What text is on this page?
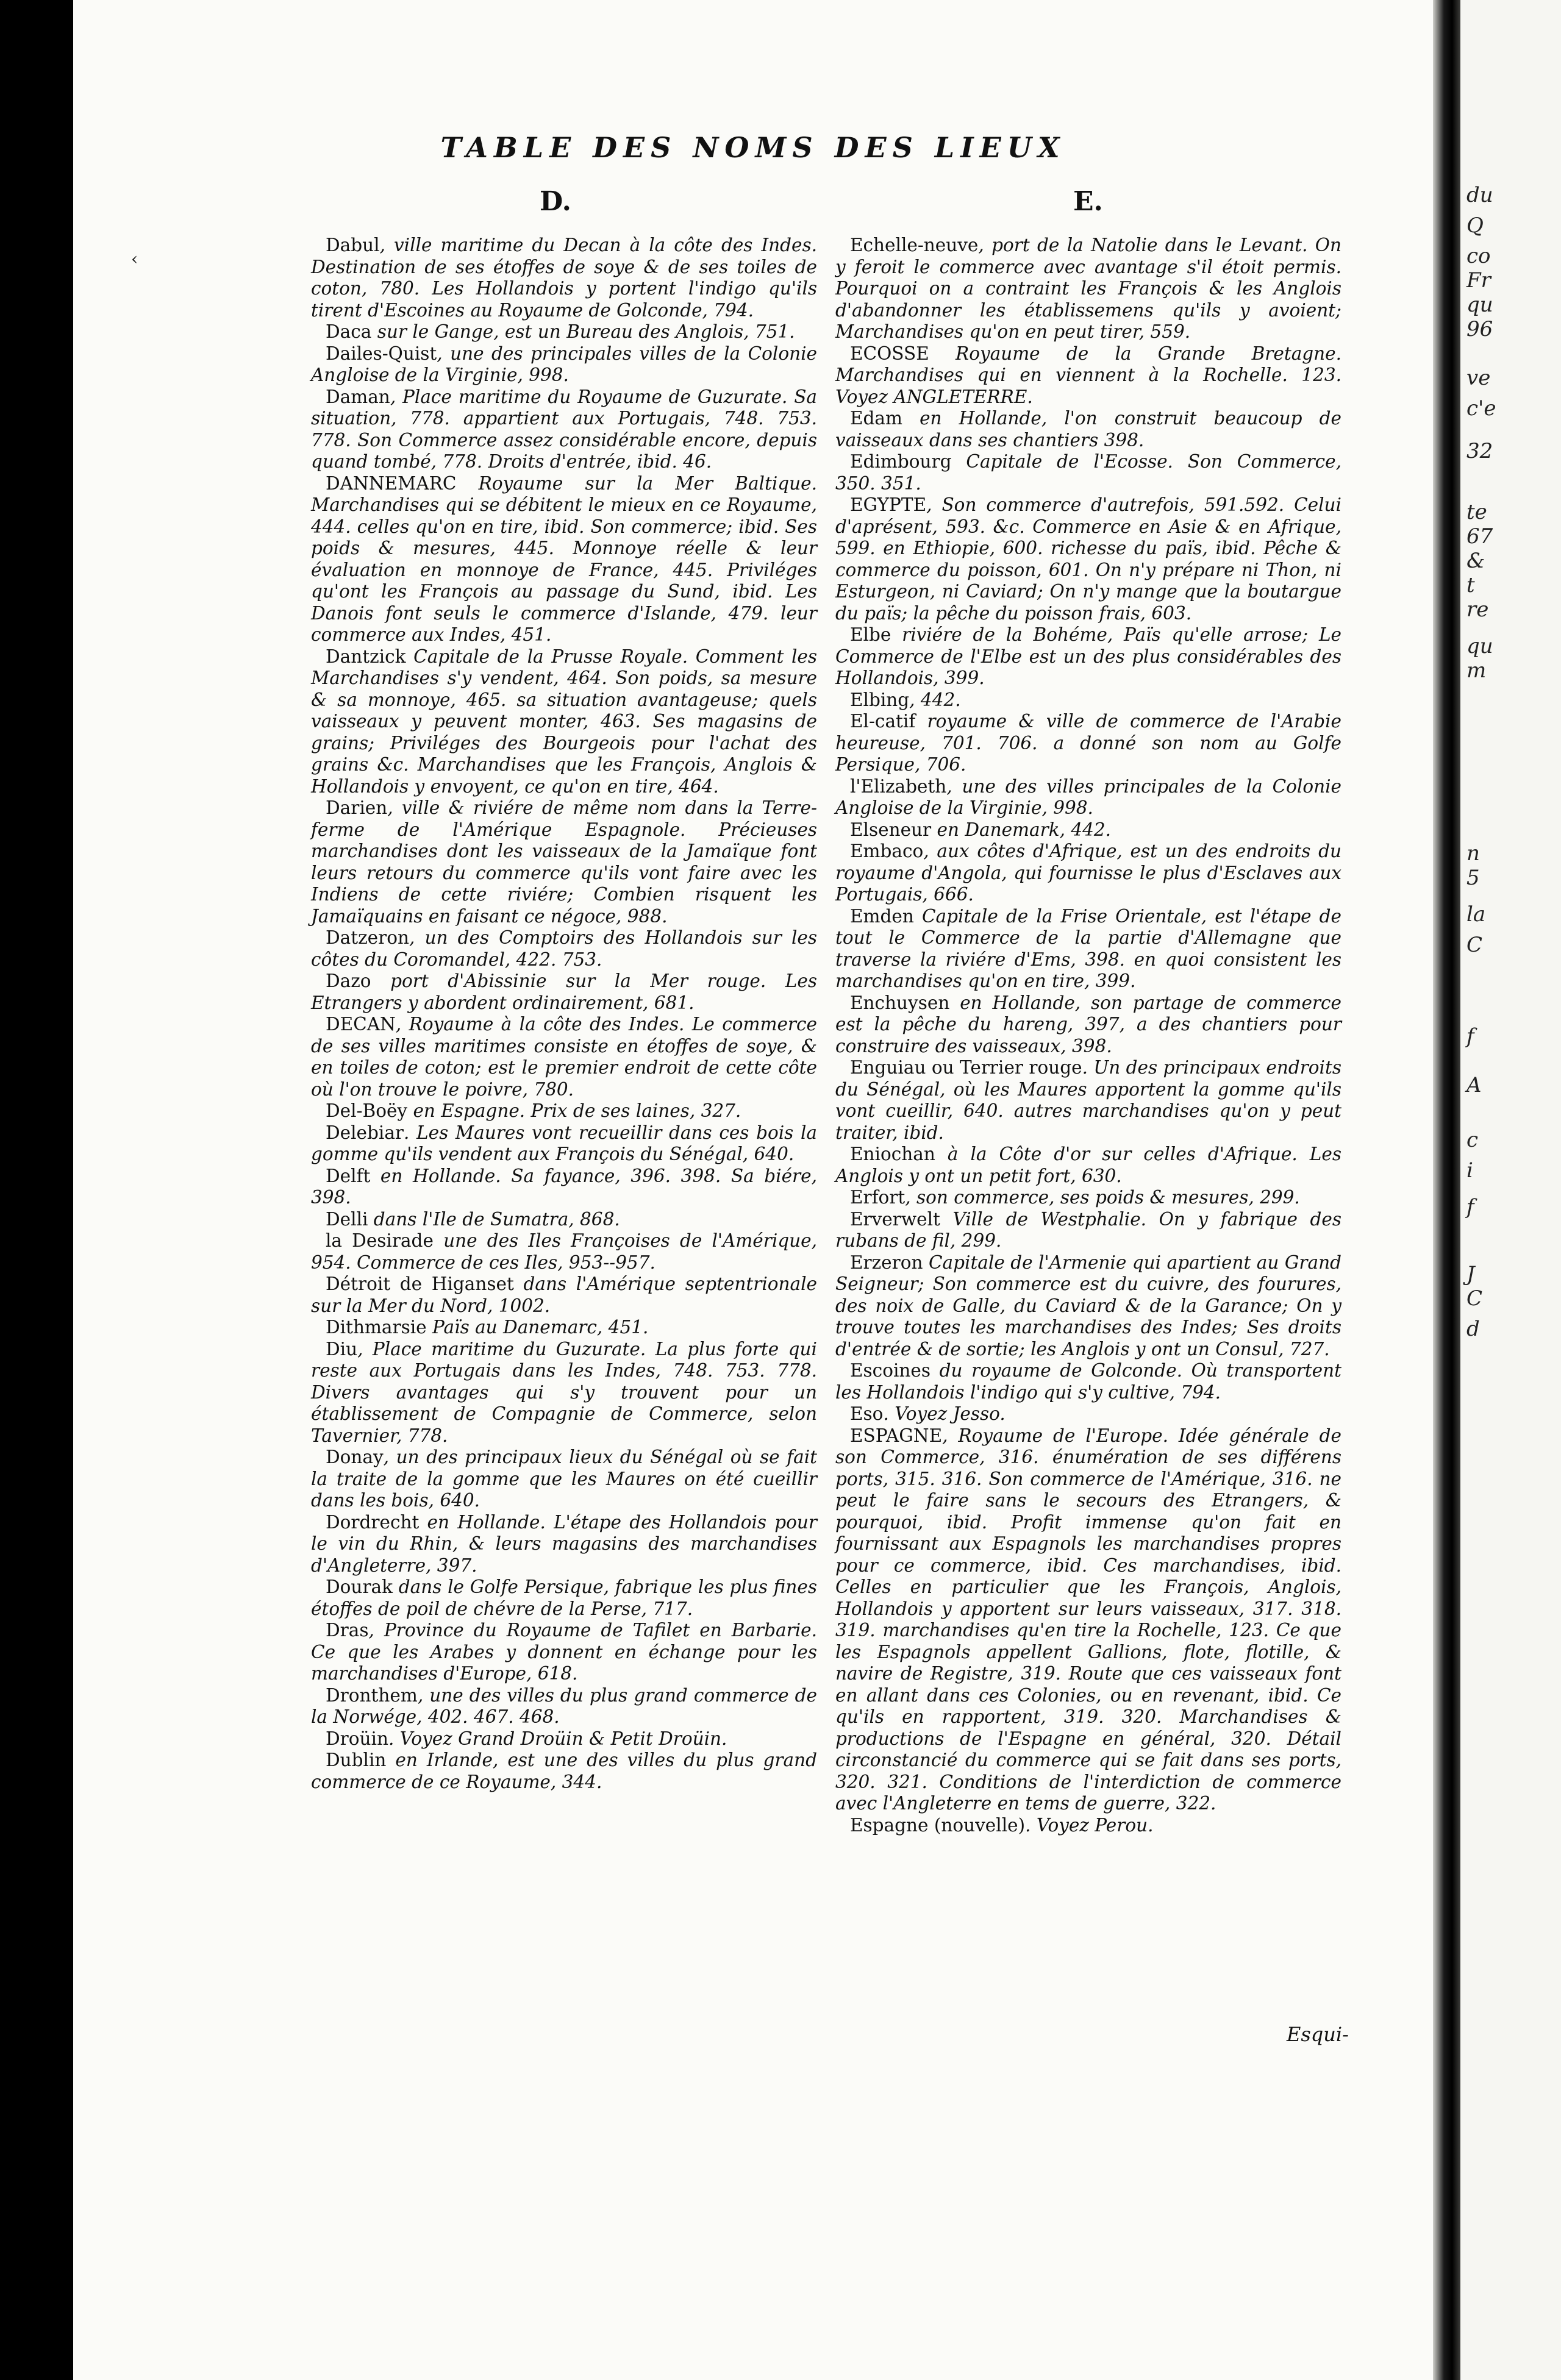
TABLE DES NOMS DES LIEUX
D.	E.
‹

Dabul, ville maritime du Decan à la côte des Indes. Destination de ses étoffes de soye & de ses toiles de coton, 780. Les Hollandois y portent l'indigo qu'ils tirent d'Escoines au Royaume de Golconde, 794.

Daca sur le Gange, est un Bureau des Anglois, 751.

Dailes-Quist, une des principales villes de la Colonie Angloise de la Virginie, 998.

Daman, Place maritime du Royaume de Guzurate. Sa situation, 778. appartient aux Portugais, 748. 753. 778. Son Commerce assez considérable encore, depuis quand tombé, 778. Droits d'entrée, ibid. 46.

DANNEMARC Royaume sur la Mer Baltique. Marchandises qui se débitent le mieux en ce Royaume, 444. celles qu'on en tire, ibid. Son commerce; ibid. Ses poids & mesures, 445. Monnoye réelle & leur évaluation en monnoye de France, 445. Priviléges qu'ont les François au passage du Sund, ibid. Les Danois font seuls le commerce d'Islande, 479. leur commerce aux Indes, 451.

Dantzick Capitale de la Prusse Royale. Comment les Marchandises s'y vendent, 464. Son poids, sa mesure & sa monnoye, 465. sa situation avantageuse; quels vaisseaux y peuvent monter, 463. Ses magasins de grains; Priviléges des Bourgeois pour l'achat des grains &c. Marchandises que les François, Anglois & Hollandois y envoyent, ce qu'on en tire, 464.

Darien, ville & riviére de même nom dans la Terre-ferme de l'Amérique Espagnole. Précieuses marchandises dont les vaisseaux de la Jamaïque font leurs retours du commerce qu'ils vont faire avec les Indiens de cette riviére; Combien risquent les Jamaïquains en faisant ce négoce, 988.

Datzeron, un des Comptoirs des Hollandois sur les côtes du Coromandel, 422. 753.

Dazo port d'Abissinie sur la Mer rouge. Les Etrangers y abordent ordinairement, 681.

DECAN, Royaume à la côte des Indes. Le commerce de ses villes maritimes consiste en étoffes de soye, & en toiles de coton; est le premier endroit de cette côte où l'on trouve le poivre, 780.

Del-Boëy en Espagne. Prix de ses laines, 327.

Delebiar. Les Maures vont recueillir dans ces bois la gomme qu'ils vendent aux François du Sénégal, 640.

Delft en Hollande. Sa fayance, 396. 398. Sa biére, 398.

Delli dans l'Ile de Sumatra, 868.

la Desirade une des Iles Françoises de l'Amérique, 954. Commerce de ces Iles, 953--957.

Détroit de Higanset dans l'Amérique septentrionale sur la Mer du Nord, 1002.

Dithmarsie Païs au Danemarc, 451.

Diu, Place maritime du Guzurate. La plus forte qui reste aux Portugais dans les Indes, 748. 753. 778. Divers avantages qui s'y trouvent pour un établissement de Compagnie de Commerce, selon Tavernier, 778.

Donay, un des principaux lieux du Sénégal où se fait la traite de la gomme que les Maures on été cueillir dans les bois, 640.

Dordrecht en Hollande. L'étape des Hollandois pour le vin du Rhin, & leurs magasins des marchandises d'Angleterre, 397.

Dourak dans le Golfe Persique, fabrique les plus fines étoffes de poil de chévre de la Perse, 717.

Dras, Province du Royaume de Tafilet en Barbarie. Ce que les Arabes y donnent en échange pour les marchandises d'Europe, 618.

Dronthem, une des villes du plus grand commerce de la Norwége, 402. 467. 468.

Droüin. Voyez Grand Droüin & Petit Droüin.

Dublin en Irlande, est une des villes du plus grand commerce de ce Royaume, 344.

Echelle-neuve, port de la Natolie dans le Levant. On y feroit le commerce avec avantage s'il étoit permis. Pourquoi on a contraint les François & les Anglois d'abandonner les établissemens qu'ils y avoient; Marchandises qu'on en peut tirer, 559.

ECOSSE Royaume de la Grande Bretagne. Marchandises qui en viennent à la Rochelle. 123. Voyez ANGLETERRE.

Edam en Hollande, l'on construit beaucoup de vaisseaux dans ses chantiers 398.

Edimbourg Capitale de l'Ecosse. Son Commerce, 350. 351.

EGYPTE, Son commerce d'autrefois, 591.592. Celui d'aprésent, 593. &c. Commerce en Asie & en Afrique, 599. en Ethiopie, 600. richesse du païs, ibid. Pêche & commerce du poisson, 601. On n'y prépare ni Thon, ni Esturgeon, ni Caviard; On n'y mange que la boutargue du païs; la pêche du poisson frais, 603.

Elbe riviére de la Bohéme, Païs qu'elle arrose; Le Commerce de l'Elbe est un des plus considérables des Hollandois, 399.

Elbing, 442.

El-catif royaume & ville de commerce de l'Arabie heureuse, 701. 706. a donné son nom au Golfe Persique, 706.

l'Elizabeth, une des villes principales de la Colonie Angloise de la Virginie, 998.

Elseneur en Danemark, 442.

Embaco, aux côtes d'Afrique, est un des endroits du royaume d'Angola, qui fournisse le plus d'Esclaves aux Portugais, 666.

Emden Capitale de la Frise Orientale, est l'étape de tout le Commerce de la partie d'Allemagne que traverse la riviére d'Ems, 398. en quoi consistent les marchandises qu'on en tire, 399.

Enchuysen en Hollande, son partage de commerce est la pêche du hareng, 397, a des chantiers pour construire des vaisseaux, 398.

Enguiau ou Terrier rouge. Un des principaux endroits du Sénégal, où les Maures apportent la gomme qu'ils vont cueillir, 640. autres marchandises qu'on y peut traiter, ibid.

Eniochan à la Côte d'or sur celles d'Afrique. Les Anglois y ont un petit fort, 630.

Erfort, son commerce, ses poids & mesures, 299.

Erverwelt Ville de Westphalie. On y fabrique des rubans de fil, 299.

Erzeron Capitale de l'Armenie qui apartient au Grand Seigneur; Son commerce est du cuivre, des fourures, des noix de Galle, du Caviard & de la Garance; On y trouve toutes les marchandises des Indes; Ses droits d'entrée & de sortie; les Anglois y ont un Consul, 727.

Escoines du royaume de Golconde. Où transportent les Hollandois l'indigo qui s'y cultive, 794.

Eso. Voyez Jesso.

ESPAGNE, Royaume de l'Europe. Idée générale de son Commerce, 316. énumération de ses différens ports, 315. 316. Son commerce de l'Amérique, 316. ne peut le faire sans le secours des Etrangers, & pourquoi, ibid. Profit immense qu'on fait en fournissant aux Espagnols les marchandises propres pour ce commerce, ibid. Ces marchandises, ibid. Celles en particulier que les François, Anglois, Hollandois y apportent sur leurs vaisseaux, 317. 318. 319. marchandises qu'en tire la Rochelle, 123. Ce que les Espagnols appellent Gallions, flote, flotille, & navire de Registre, 319. Route que ces vaisseaux font en allant dans ces Colonies, ou en revenant, ibid. Ce qu'ils en rapportent, 319. 320. Marchandises & productions de l'Espagne en général, 320. Détail circonstancié du commerce qui se fait dans ses ports, 320. 321. Conditions de l'interdiction de commerce avec l'Angleterre en tems de guerre, 322.

Espagne (nouvelle). Voyez Perou.

Esqui-
du
Q
co
Fr
qu
96
ve
c'e
32
te
67
&
t
re
qu
m
n
5
la
C
f
A
c
i
f
J
C
d
